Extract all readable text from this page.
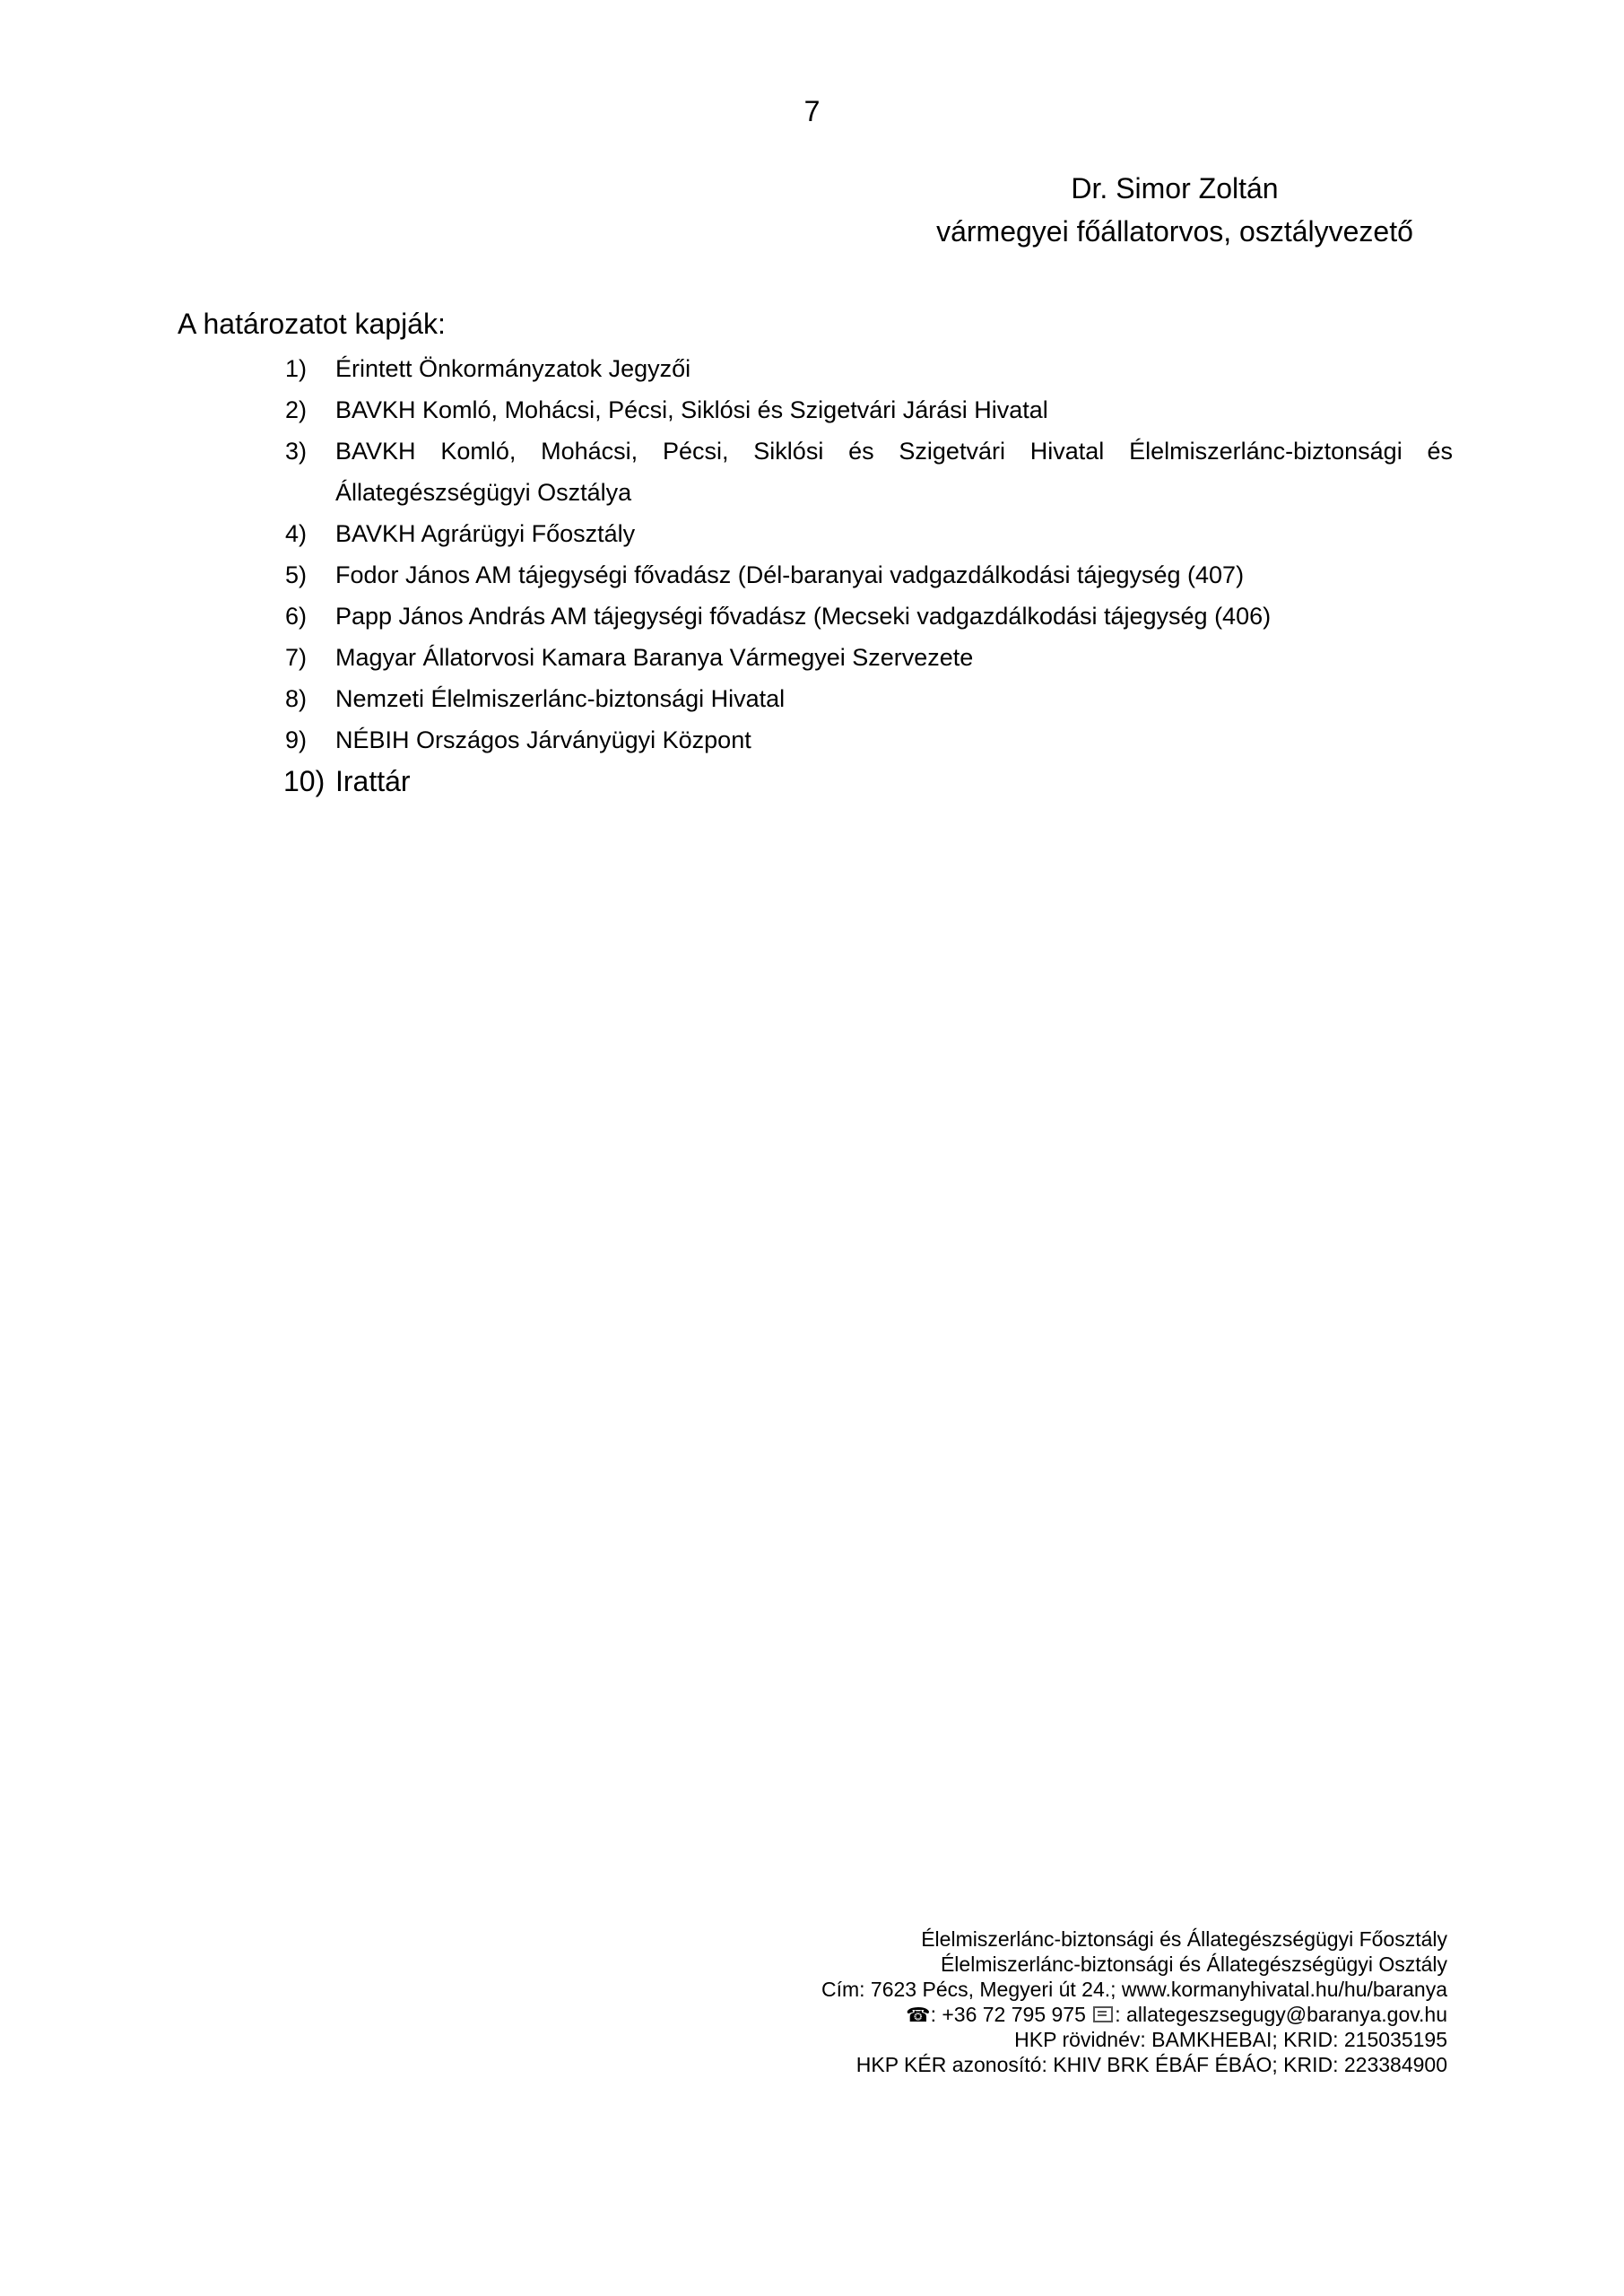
7
Dr. Simor Zoltán
vármegyei főállatorvos, osztályvezető
A határozatot kapják:
1) Érintett Önkormányzatok Jegyzői
2) BAVKH Komló, Mohácsi, Pécsi, Siklósi és Szigetvári Járási Hivatal
3) BAVKH Komló, Mohácsi, Pécsi, Siklósi és Szigetvári Hivatal Élelmiszerlánc-biztonsági és Állategészségügyi Osztálya
4) BAVKH Agrárügyi Főosztály
5) Fodor János AM tájegységi fővadász (Dél-baranyai vadgazdálkodási tájegység (407)
6) Papp János András AM tájegységi fővadász (Mecseki vadgazdálkodási tájegység (406)
7) Magyar Állatorvosi Kamara Baranya Vármegyei Szervezete
8) Nemzeti Élelmiszerlánc-biztonsági Hivatal
9) NÉBIH Országos Járványügyi Központ
10) Irattár
Élelmiszerlánc-biztonsági és Állategészségügyi Főosztály
Élelmiszerlánc-biztonsági és Állategészségügyi Osztály
Cím: 7623 Pécs, Megyeri út 24.; www.kormanyhivatal.hu/hu/baranya
☎: +36 72 795 975 : allategeszsegugy@baranya.gov.hu
HKP rövidnév: BAMKHEBAI; KRID: 215035195
HKP KÉR azonosító: KHIV BRK ÉBÁF ÉBÁO; KRID: 223384900
